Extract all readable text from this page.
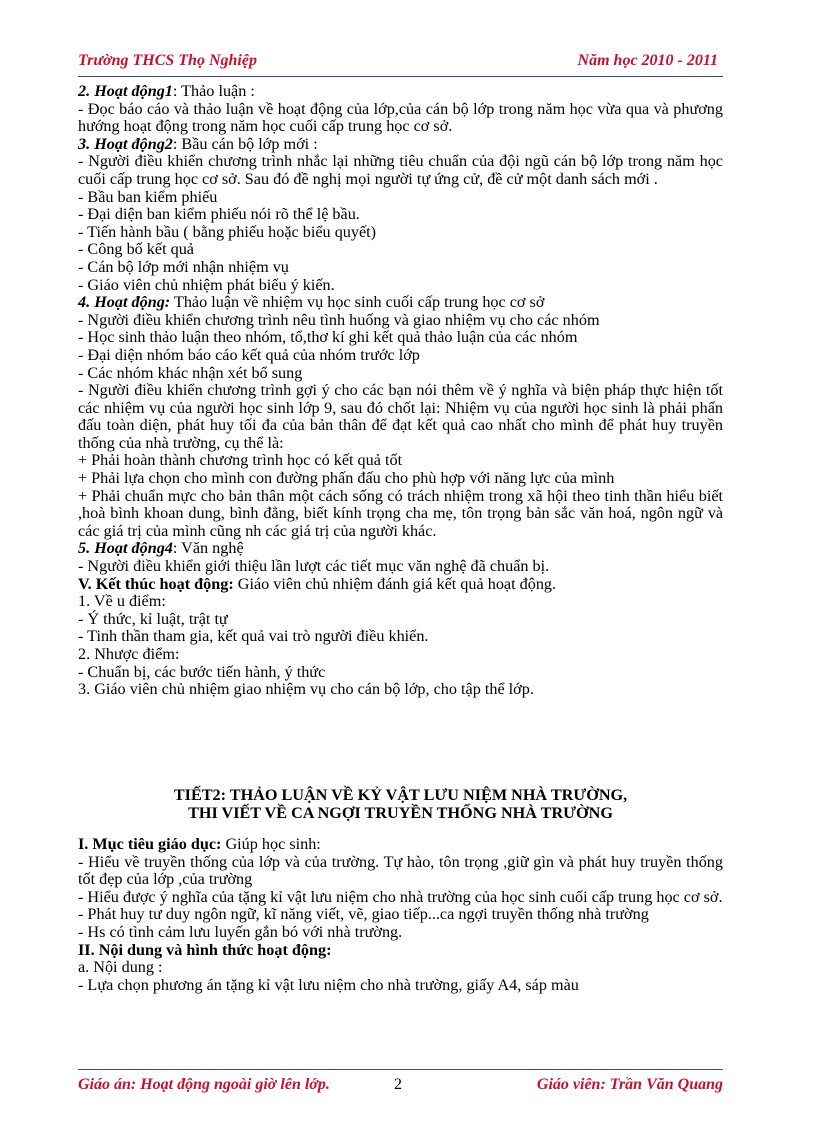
Trường THCS Thọ Nghiệp	Năm học 2010 - 2011

2. Hoạt động1: Thảo luận :

- Đọc báo cáo và thảo luận về hoạt động của lớp,của cán bộ lớp trong năm học vừa qua và phương hướng hoạt động trong năm học cuối cấp trung học cơ sở.

3. Hoạt động2: Bầu cán bộ lớp mới :

- Người điều khiển chương trình nhắc lại những tiêu chuẩn của đội ngũ cán bộ lớp trong năm học cuối cấp trung học cơ sở. Sau đó đề nghị mọi người tự ứng cử, đề cử một danh sách mới .

- Bầu ban kiểm phiếu

- Đại diện ban kiểm phiếu nói rõ thể lệ bầu.

- Tiến hành bầu ( bằng phiếu hoặc biểu quyết)

- Công bố kết quả

- Cán bộ lớp mới nhận nhiệm vụ

- Giáo viên chủ nhiệm phát biểu ý kiến.

4. Hoạt động: Thảo luận về nhiệm vụ học sinh cuối cấp trung học cơ sở

- Người điều khiển chương trình nêu tình huống và giao nhiệm vụ cho các nhóm

- Học sinh thảo luận theo nhóm, tổ,thơ kí ghi kết quả thảo luận của các nhóm

- Đại diện nhóm báo cáo kết quả của nhóm trước lớp

- Các nhóm khác nhận xét bổ sung

- Người điều khiển chương trình gợi ý cho các bạn nói thêm về ý nghĩa và biện pháp thực hiện tốt các nhiệm vụ của người học sinh lớp 9, sau đó chốt lại: Nhiệm vụ của người học sinh là phải phấn đấu toàn diện, phát huy tối đa của bản thân để đạt kết quả cao nhất cho mình để phát huy truyền thống của nhà trường, cụ thể là:

+ Phải hoàn thành chương trình học có kết quả tốt

+ Phải lựa chọn cho mình con đường phấn đấu cho phù hợp với năng lực của mình

+ Phải chuẩn mực cho bản thân một cách sống có trách nhiệm trong xã hội theo tinh thần hiểu biết ,hoà bình khoan dung, bình đẳng, biết kính trọng cha mẹ, tôn trọng bản sắc văn hoá, ngôn ngữ và các giá trị của mình cũng nh các giá trị của người khác.

5. Hoạt động4: Văn nghệ

- Người điều khiển giới thiệu lần lượt các tiết mục văn nghệ đã chuẩn bị.

V. Kết thúc hoạt động: Giáo viên chủ nhiệm đánh giá kết quả hoạt động.

1. Về u điểm:

- Ý thức, kỉ luật, trật tự

- Tinh thần tham gia, kết quả vai trò người điều khiển.

2. Nhược điểm:

- Chuẩn bị, các bước tiến hành, ý thức

3. Giáo viên chủ nhiệm giao nhiệm vụ cho cán bộ lớp, cho tập thể lớp.

TIẾT2: THẢO LUẬN VỀ KỶ VẬT LƯU NIỆM NHÀ TRƯỜNG,
THI VIẾT VỀ CA NGỢI TRUYỀN THỐNG NHÀ TRƯỜNG

I. Mục tiêu giáo dục: Giúp học sinh:

- Hiểu về truyền thống của lớp và của trường. Tự hào, tôn trọng ,giữ gìn và phát huy truyền thống tốt đẹp của lớp ,của trường

- Hiểu được ý nghĩa của tặng kỉ vật lưu niệm cho nhà trường của học sinh cuối cấp trung học cơ sở.

- Phát huy tư duy ngôn ngữ, kĩ năng viết, vẽ, giao tiếp...ca ngợi truyền thống nhà trường

- Hs có tình cảm lưu luyến gắn bó với nhà trường.

II. Nội dung và hình thức hoạt động:

a. Nội dung :

- Lựa chọn phương án tặng kỉ vật lưu niệm cho nhà trường, giấy A4, sáp màu

Giáo án: Hoạt động ngoài giờ lên lớp.	2	Giáo viên: Trần Văn Quang
